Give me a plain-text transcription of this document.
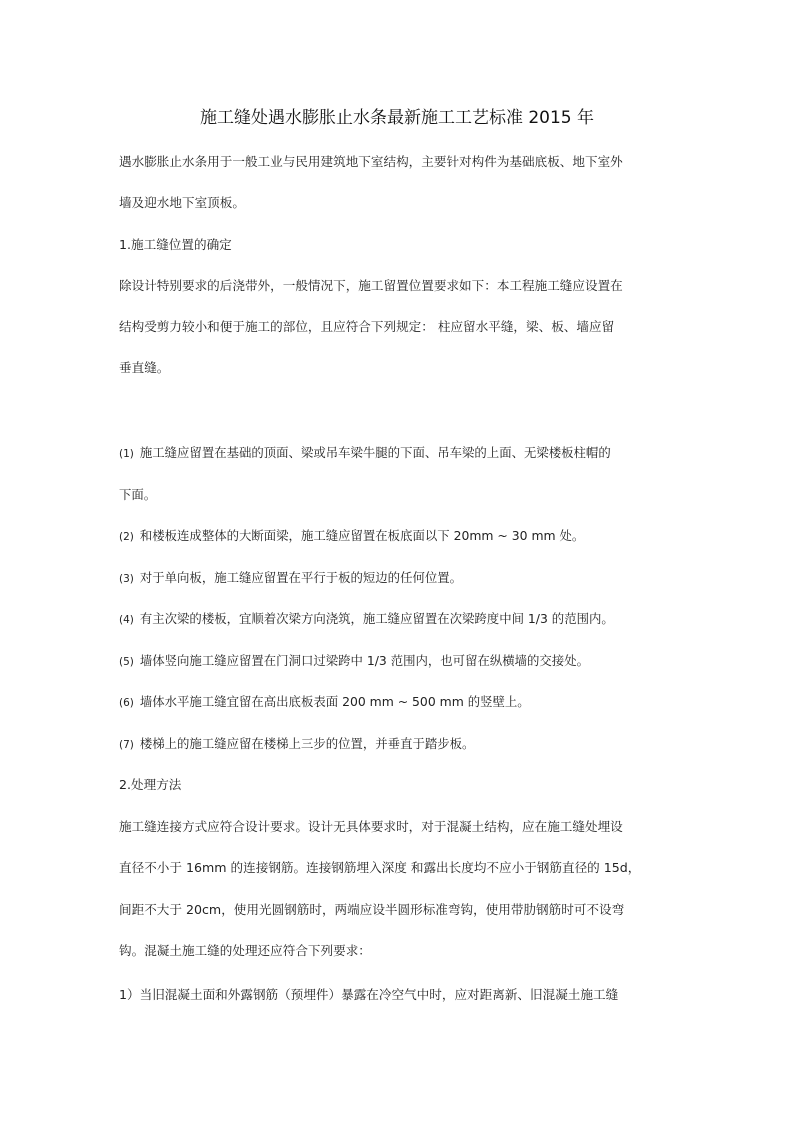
施工缝处遇水膨胀止水条最新施工工艺标准 2015 年
遇水膨胀止水条用于一般工业与民用建筑地下室结构，主要针对构件为基础底板、地下室外
墙及迎水地下室顶板。
1.施工缝位置的确定
除设计特别要求的后浇带外，一般情况下，施工留置位置要求如下：本工程施工缝应设置在
结构受剪力较小和便于施工的部位，且应符合下列规定： 柱应留水平缝，梁、板、墙应留
垂直缝。
(1) 施工缝应留置在基础的顶面、梁或吊车梁牛腿的下面、吊车梁的上面、无梁楼板柱帽的
下面。
(2) 和楼板连成整体的大断面梁，施工缝应留置在板底面以下 20mm ~ 30 mm 处。
(3) 对于单向板，施工缝应留置在平行于板的短边的任何位置。
(4) 有主次梁的楼板，宜顺着次梁方向浇筑，施工缝应留置在次梁跨度中间 1/3 的范围内。
(5) 墙体竖向施工缝应留置在门洞口过梁跨中 1/3 范围内，也可留在纵横墙的交接处。
(6) 墙体水平施工缝宜留在高出底板表面 200 mm ~ 500 mm 的竖壁上。
(7) 楼梯上的施工缝应留在楼梯上三步的位置，并垂直于踏步板。
2.处理方法
施工缝连接方式应符合设计要求。设计无具体要求时，对于混凝土结构，应在施工缝处埋设
直径不小于 16mm 的连接钢筋。连接钢筋埋入深度 和露出长度均不应小于钢筋直径的 15d，
间距不大于 20cm，使用光圆钢筋时，两端应设半圆形标准弯钩，使用带肋钢筋时可不设弯
钩。混凝土施工缝的处理还应符合下列要求：
1）当旧混凝土面和外露钢筋（预埋件）暴露在冷空气中时，应对距离新、旧混凝土施工缝
